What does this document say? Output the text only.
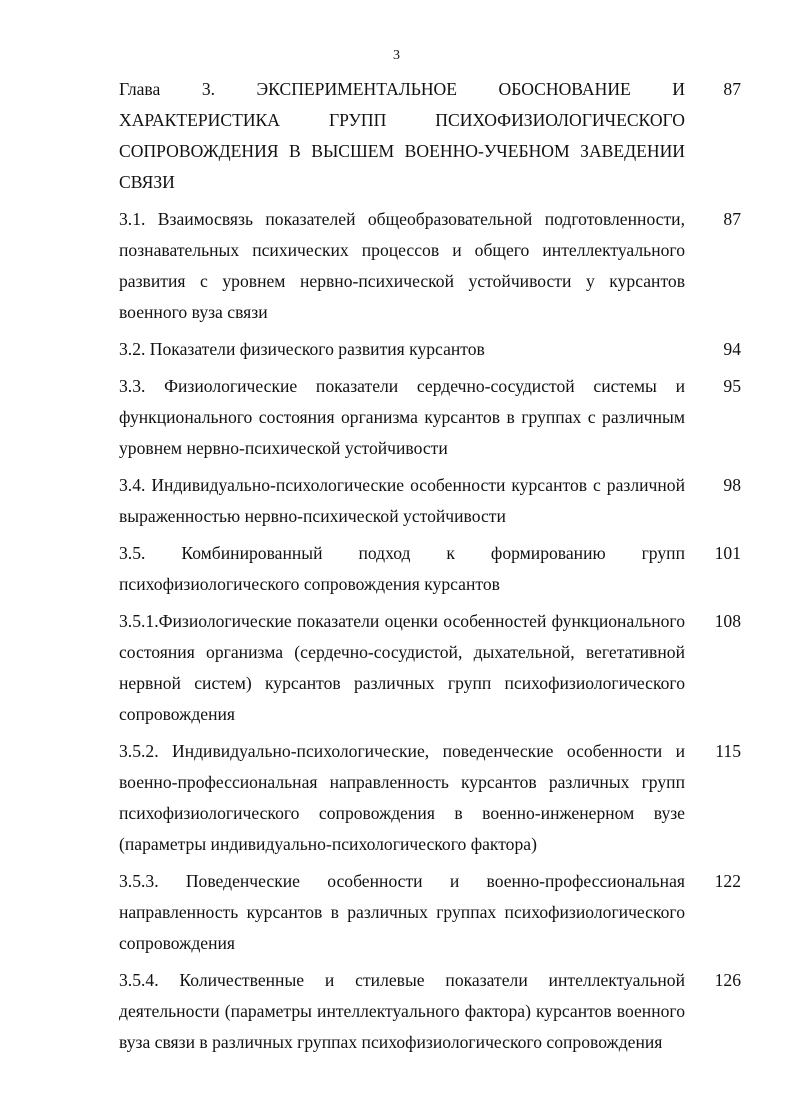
3

Глава 3. ЭКСПЕРИМЕНТАЛЬНОЕ ОБОСНОВАНИЕ И ХАРАКТЕРИСТИКА ГРУПП ПСИХОФИЗИОЛОГИЧЕСКОГО СОПРОВОЖДЕНИЯ В ВЫСШЕМ ВОЕННО-УЧЕБНОМ ЗАВЕДЕНИИ СВЯЗИ

87

3.1. Взаимосвязь показателей общеобразовательной подготовленности, познавательных психических процессов и общего интеллектуального развития с уровнем нервно-психической устойчивости у курсантов военного вуза связи

87

3.2. Показатели физического развития курсантов	94

3.3. Физиологические показатели сердечно-сосудистой системы и функционального состояния организма курсантов в группах с различным уровнем нервно-психической устойчивости

95

3.4. Индивидуально-психологические особенности курсантов с различной выраженностью нервно-психической устойчивости

98

3.5. Комбинированный подход к формированию групп психофизиологического сопровождения курсантов

101

3.5.1.Физиологические показатели оценки особенностей функционального состояния организма (сердечно-сосудистой, дыхательной, вегетативной нервной систем) курсантов различных групп психофизиологического сопровождения

108

3.5.2. Индивидуально-психологические, поведенческие особенности и военно-профессиональная направленность курсантов различных групп психофизиологического сопровождения в военно-инженерном вузе (параметры индивидуально-психологического фактора)

115

3.5.3. Поведенческие особенности и военно-профессиональная направленность курсантов в различных группах психофизиологического сопровождения

122

3.5.4. Количественные и стилевые показатели интеллектуальной деятельности (параметры интеллектуального фактора) курсантов военного вуза связи в различных группах психофизиологического сопровождения

126
